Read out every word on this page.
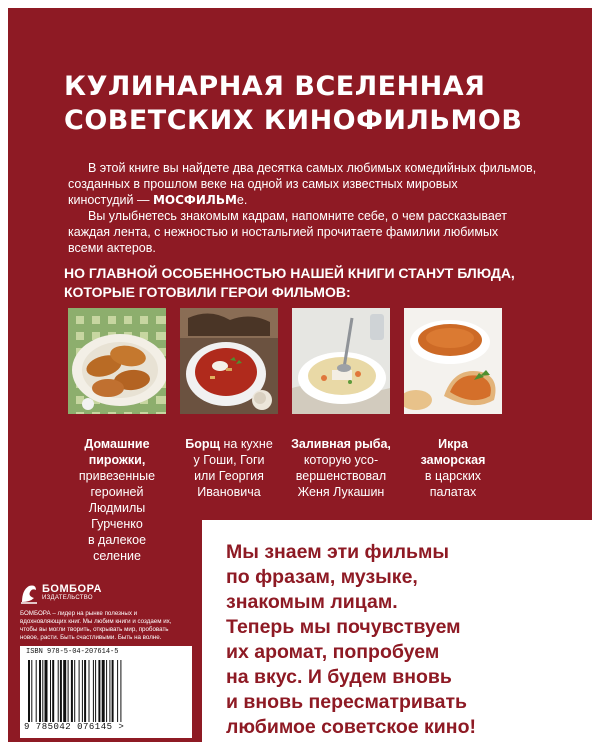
КУЛИНАРНАЯ ВСЕЛЕННАЯ
СОВЕТСКИХ КИНОФИЛЬМОВ

В этой книге вы найдете два десятка самых любимых комедийных фильмов,
созданных в прошлом веке на одной из самых известных мировых
киностудий — МОСФИЛЬМе.

Вы улыбнетесь знакомым кадрам, напомните себе, о чем рассказывает
каждая лента, с нежностью и ностальгией прочитаете фамилии любимых
всеми актеров.

НО ГЛАВНОЙ ОСОБЕННОСТЬЮ НАШЕЙ КНИГИ СТАНУТ БЛЮДА,
КОТОРЫЕ ГОТОВИЛИ ГЕРОИ ФИЛЬМОВ:
Домашние
пирожки,
привезенные
героиней
Людмилы
Гурченко
в далекое
селение
Борщ на кухне
у Гоши, Гоги
или Георгия
Ивановича
Заливная рыба,
которую усо-
вершенствовал
Женя Лукашин
Икра
заморская
в царских
палатах

Мы знаем эти фильмы
по фразам, музыке,
знакомым лицам.
Теперь мы почувствуем
их аромат, попробуем
на вкус. И будем вновь
и вновь пересматривать
любимое советское кино!

БОМБОРА
ИЗДАТЕЛЬСТВО
БОМБОРА – лидер на рынке полезных и вдохновляющих книг. Мы любим книги и создаем их, чтобы вы могли творить, открывать мир, пробовать новое, расти. Быть счастливыми. Быть на волне.
ISBN 978-5-04-207614-5
9 785042 076145 >
